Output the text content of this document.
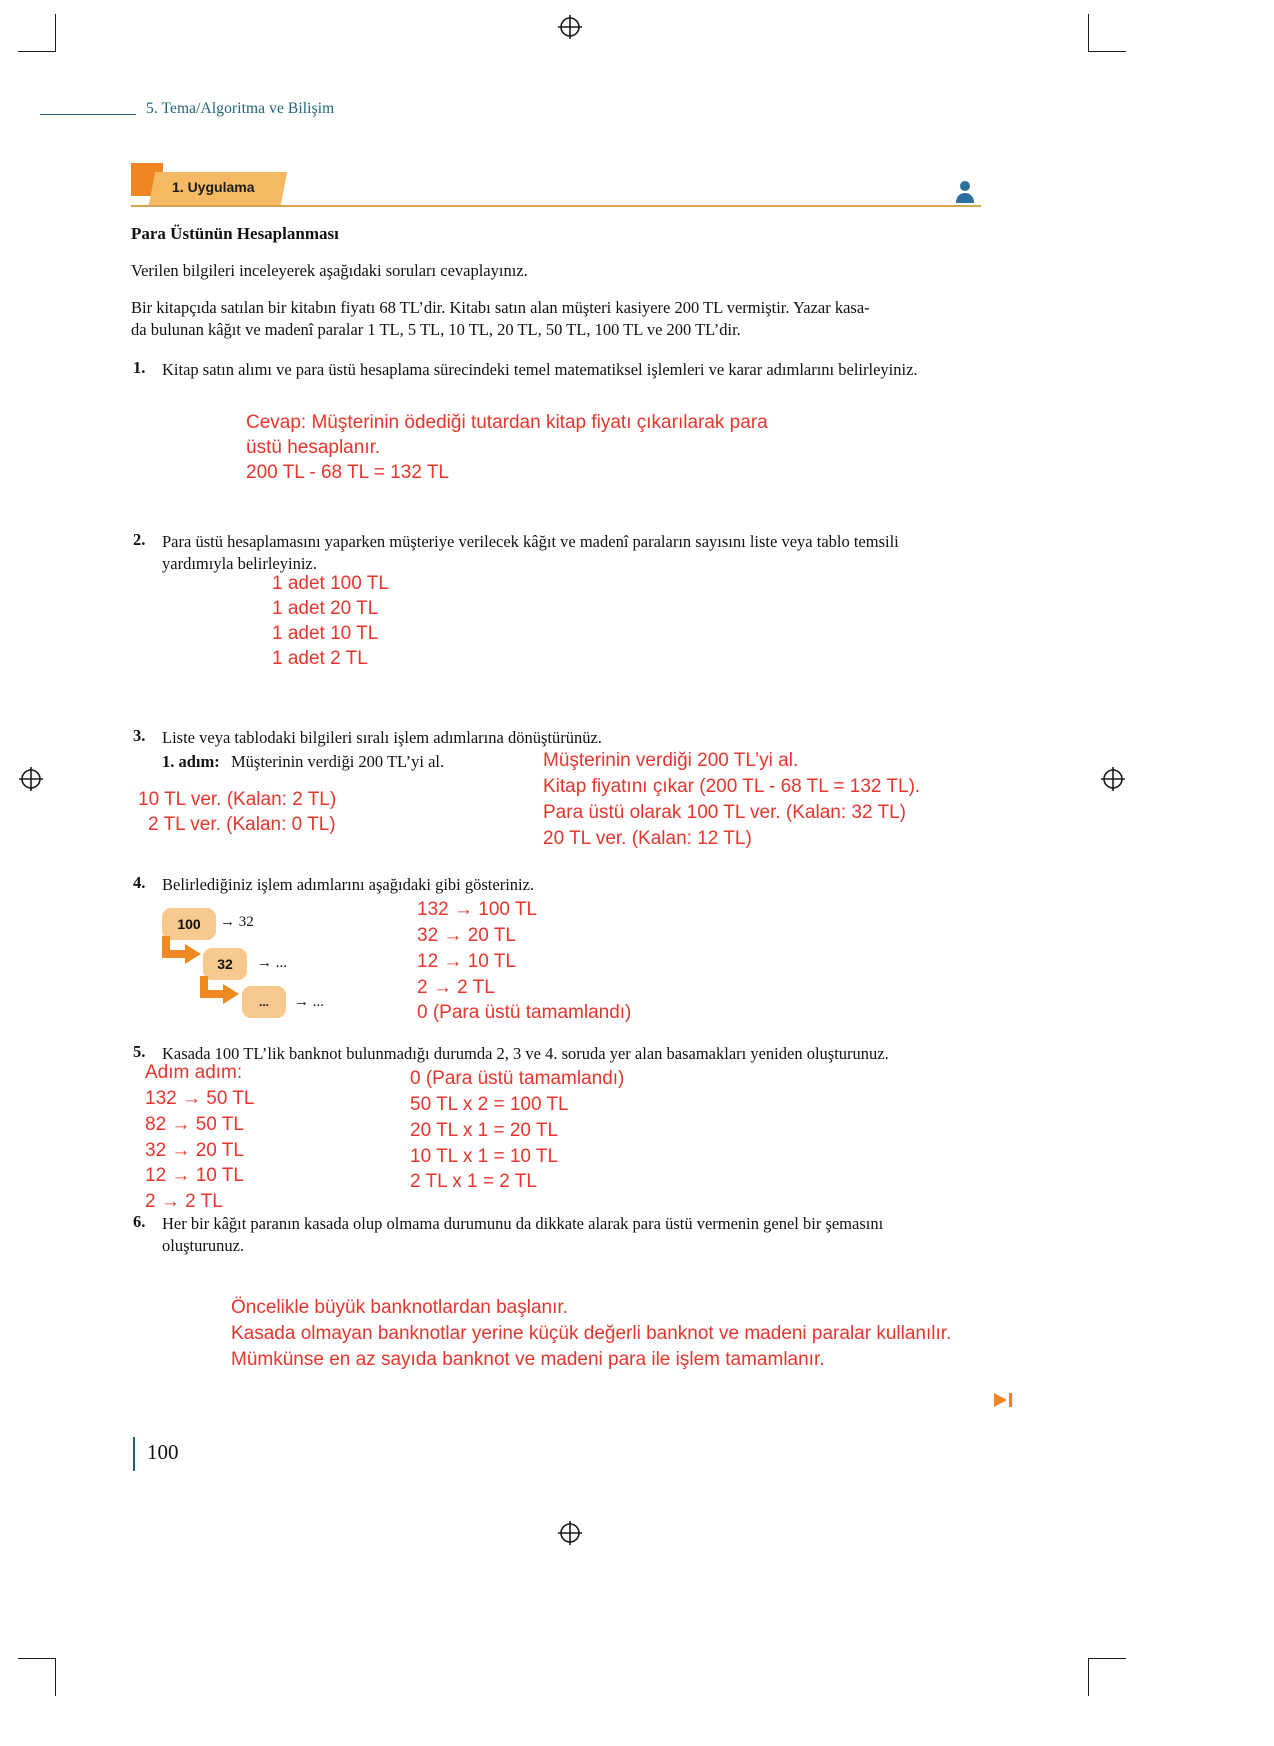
5. Tema/Algoritma ve Bilişim
1. Uygulama
Para Üstünün Hesaplanması
Verilen bilgileri inceleyerek aşağıdaki soruları cevaplayınız.
Bir kitapçıda satılan bir kitabın fiyatı 68 TL’dir. Kitabı satın alan müşteri kasiyere 200 TL vermiştir. Yazar kasa-
da bulunan kâğıt ve madenî paralar 1 TL, 5 TL, 10 TL, 20 TL, 50 TL, 100 TL ve 200 TL’dir.
1. Kitap satın alımı ve para üstü hesaplama sürecindeki temel matematiksel işlemleri ve karar adımlarını belirleyiniz.
Cevap: Müşterinin ödediği tutardan kitap fiyatı çıkarılarak para
üstü hesaplanır.
200 TL - 68 TL = 132 TL
2. Para üstü hesaplamasını yaparken müşteriye verilecek kâğıt ve madenî paraların sayısını liste veya tablo temsili
yardımıyla belirleyiniz.
1 adet 100 TL
1 adet 20 TL
1 adet 10 TL
1 adet 2 TL
3. Liste veya tablodaki bilgileri sıralı işlem adımlarına dönüştürünüz.
1. adım: Müşterinin verdiği 200 TL’yi al.	Müşterinin verdiği 200 TL’yi al.
Kitap fiyatını çıkar (200 TL - 68 TL = 132 TL).
Para üstü olarak 100 TL ver. (Kalan: 32 TL)
20 TL ver. (Kalan: 12 TL)
10 TL ver. (Kalan: 2 TL)
2 TL ver. (Kalan: 0 TL)
4. Belirlediğiniz işlem adımlarını aşağıdaki gibi gösteriniz.
100 → 32
32 → ...
... → ...
132 → 100 TL
32 → 20 TL
12 → 10 TL
2 → 2 TL
0 (Para üstü tamamlandı)
5. Kasada 100 TL’lik banknot bulunmadığı durumda 2, 3 ve 4. soruda yer alan basamakları yeniden oluşturunuz.
Adım adım:
132 → 50 TL
82 → 50 TL
32 → 20 TL
12 → 10 TL
2 → 2 TL
0 (Para üstü tamamlandı)
50 TL x 2 = 100 TL
20 TL x 1 = 20 TL
10 TL x 1 = 10 TL
2 TL x 1 = 2 TL
6. Her bir kâğıt paranın kasada olup olmama durumunu da dikkate alarak para üstü vermenin genel bir şemasını
oluşturunuz.
Öncelikle büyük banknotlardan başlanır.
Kasada olmayan banknotlar yerine küçük değerli banknot ve madeni paralar kullanılır.
Mümkünse en az sayıda banknot ve madeni para ile işlem tamamlanır.
100
